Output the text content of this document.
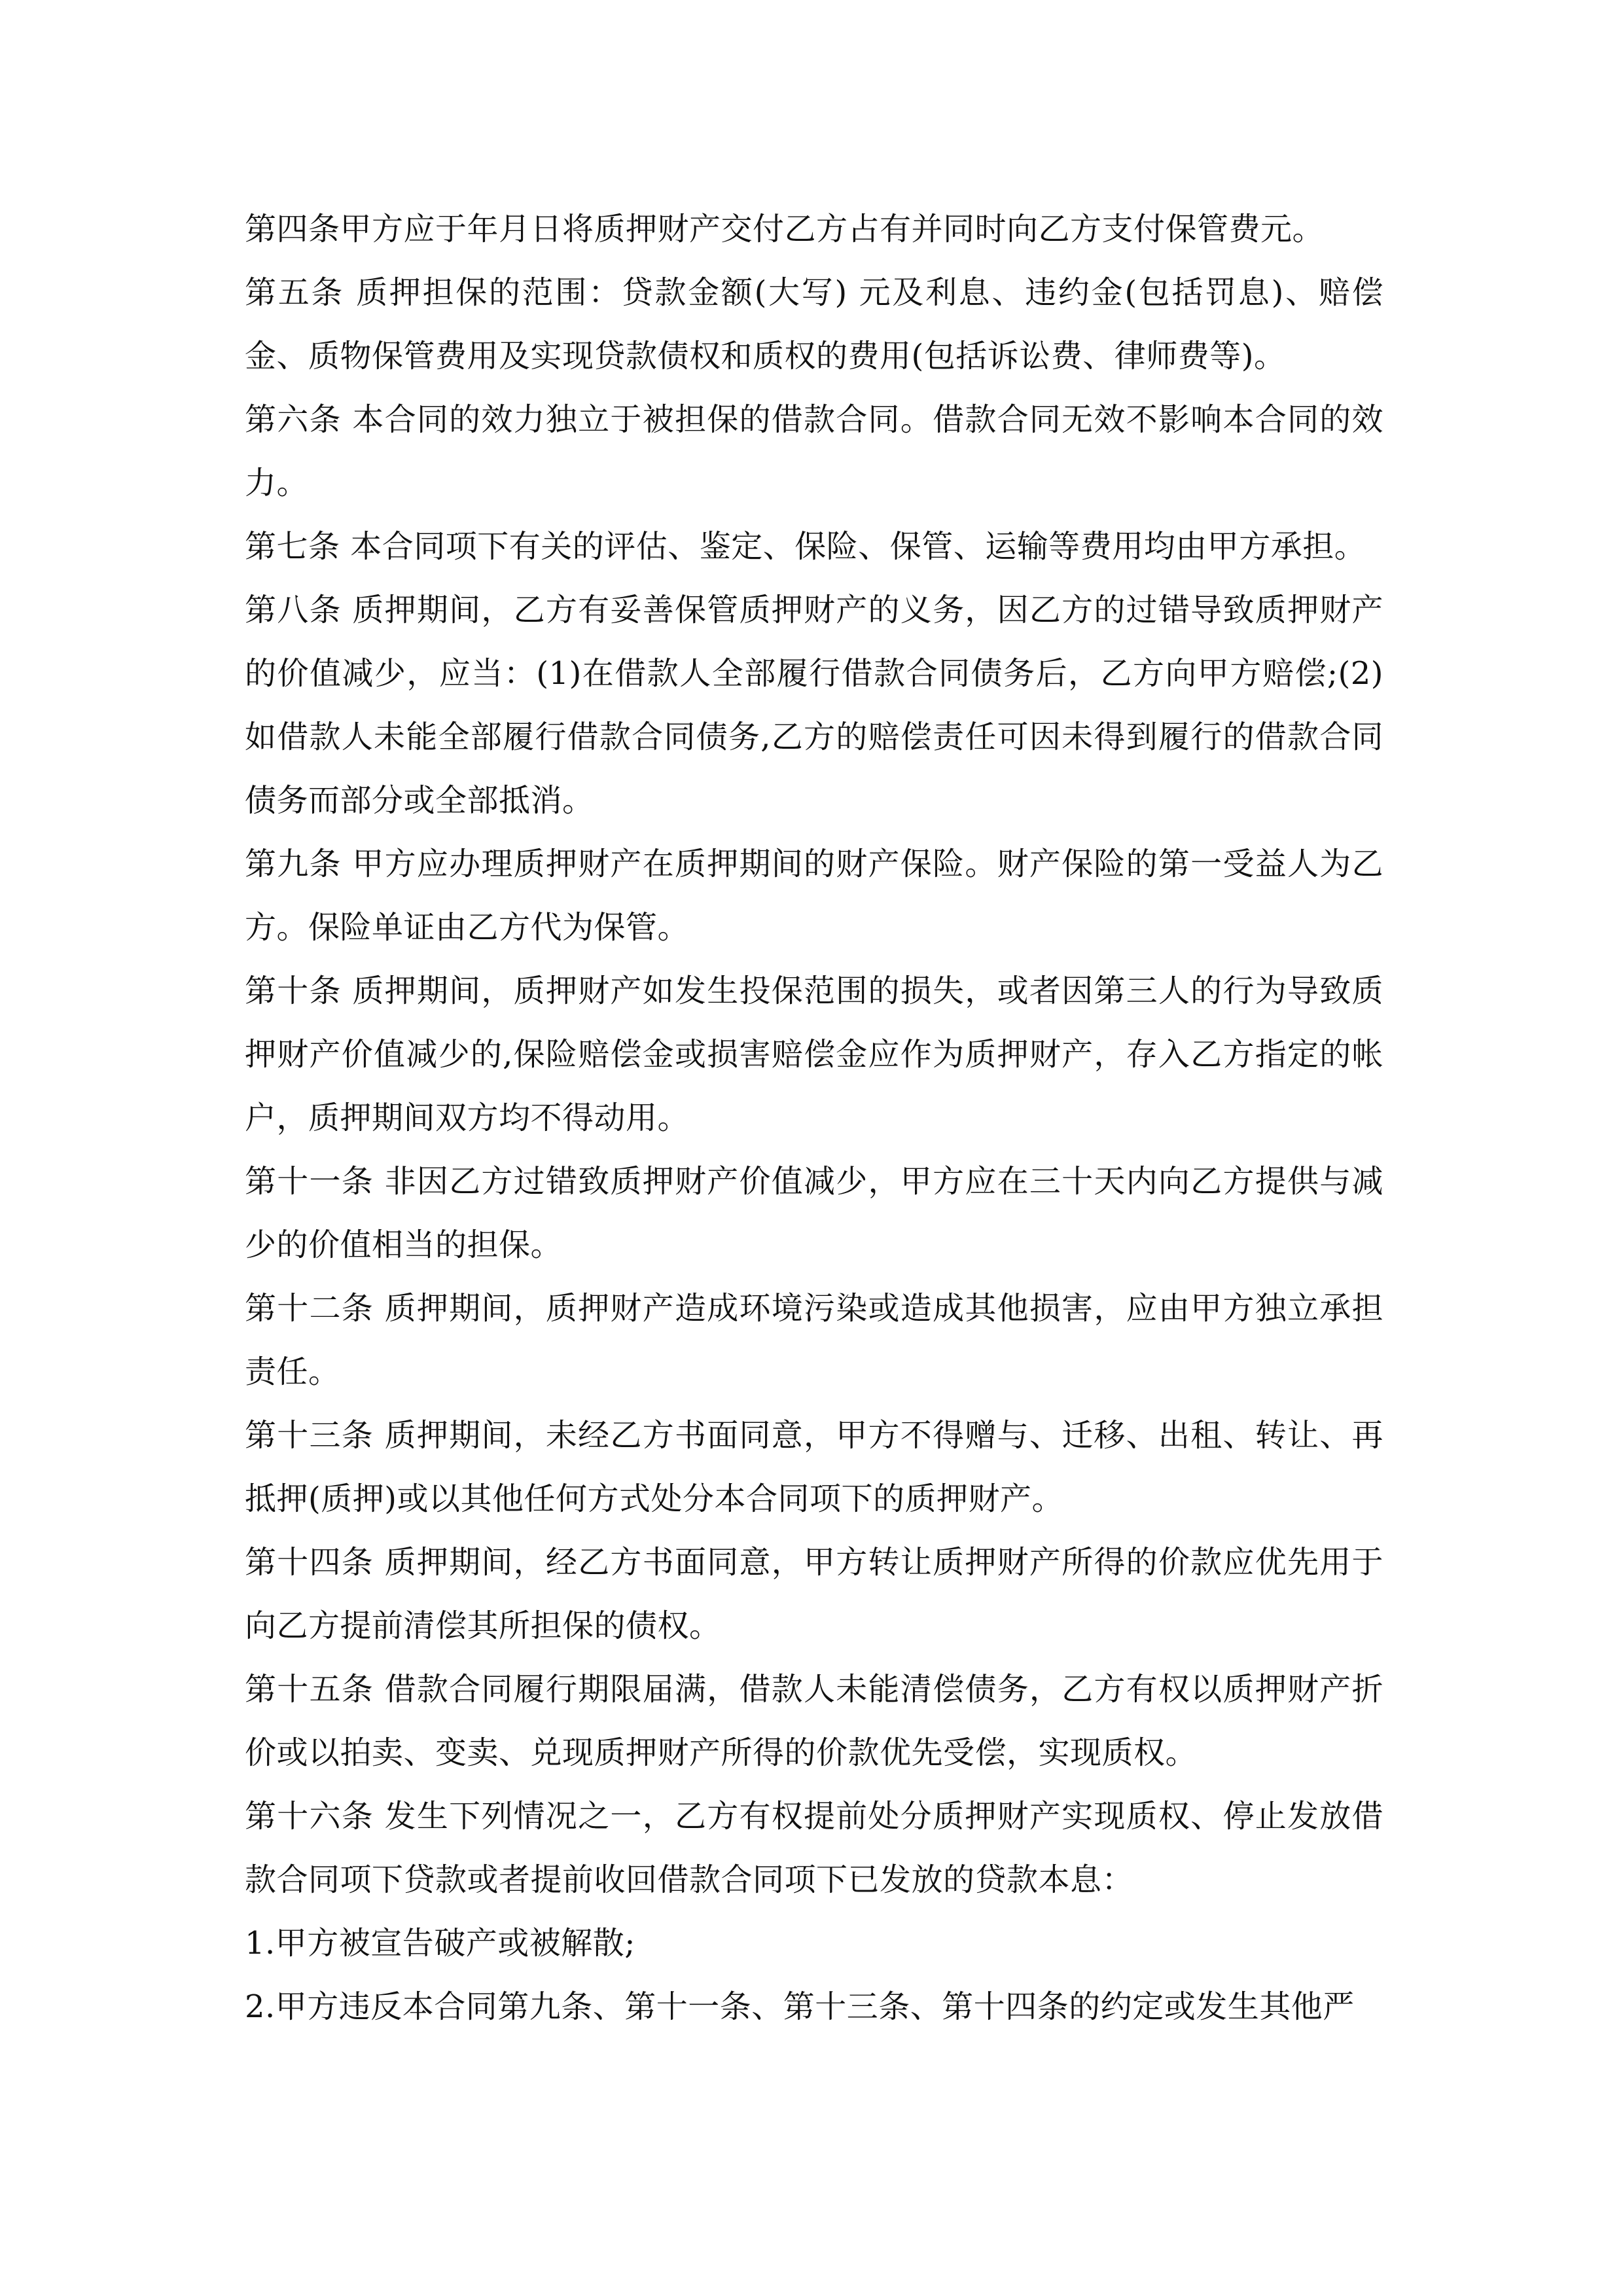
第四条甲方应于年月日将质押财产交付乙方占有并同时向乙方支付保管费元。

第五条 质押担保的范围：贷款金额(大写) 元及利息、违约金(包括罚息)、赔偿金、质物保管费用及实现贷款债权和质权的费用(包括诉讼费、律师费等)。

第六条 本合同的效力独立于被担保的借款合同。借款合同无效不影响本合同的效力。

第七条 本合同项下有关的评估、鉴定、保险、保管、运输等费用均由甲方承担。

第八条 质押期间，乙方有妥善保管质押财产的义务，因乙方的过错导致质押财产的价值减少，应当：(1)在借款人全部履行借款合同债务后，乙方向甲方赔偿;(2)如借款人未能全部履行借款合同债务,乙方的赔偿责任可因未得到履行的借款合同债务而部分或全部抵消。

第九条 甲方应办理质押财产在质押期间的财产保险。财产保险的第一受益人为乙方。保险单证由乙方代为保管。

第十条 质押期间，质押财产如发生投保范围的损失，或者因第三人的行为导致质押财产价值减少的,保险赔偿金或损害赔偿金应作为质押财产，存入乙方指定的帐户，质押期间双方均不得动用。

第十一条 非因乙方过错致质押财产价值减少，甲方应在三十天内向乙方提供与减少的价值相当的担保。

第十二条 质押期间，质押财产造成环境污染或造成其他损害，应由甲方独立承担责任。

第十三条 质押期间，未经乙方书面同意，甲方不得赠与、迁移、出租、转让、再抵押(质押)或以其他任何方式处分本合同项下的质押财产。

第十四条 质押期间，经乙方书面同意，甲方转让质押财产所得的价款应优先用于向乙方提前清偿其所担保的债权。

第十五条 借款合同履行期限届满，借款人未能清偿债务，乙方有权以质押财产折价或以拍卖、变卖、兑现质押财产所得的价款优先受偿，实现质权。

第十六条 发生下列情况之一，乙方有权提前处分质押财产实现质权、停止发放借款合同项下贷款或者提前收回借款合同项下已发放的贷款本息：

1.甲方被宣告破产或被解散;

2.甲方违反本合同第九条、第十一条、第十三条、第十四条的约定或发生其他严
